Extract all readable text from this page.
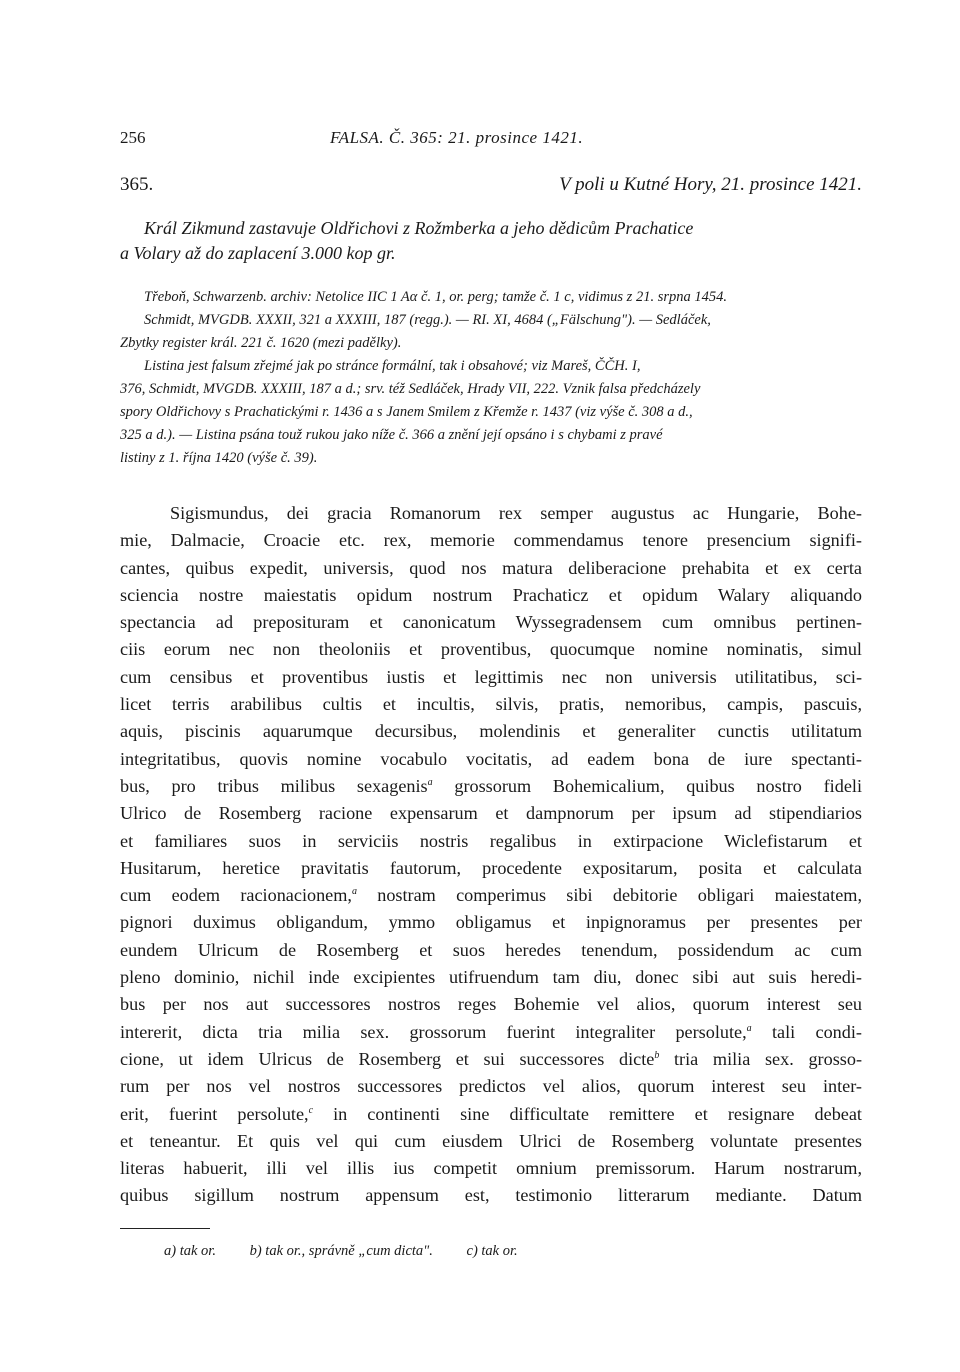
256	FALSA. Č. 365: 21. prosince 1421.
365.	V poli u Kutné Hory, 21. prosince 1421.
Král Zikmund zastavuje Oldřichovi z Rožmberka a jeho dědicům Prachatice
a Volary až do zaplacení 3.000 kop gr.
Třeboň, Schwarzenb. archiv: Netolice IIC 1 Aα č. 1, or. perg; tamže č. 1 c, vidimus z 21. srpna 1454.
Schmidt, MVGDB. XXXII, 321 a XXXIII, 187 (regg.). — RI. XI, 4684 („Fälschung"). — Sedláček,
Zbytky register král. 221 č. 1620 (mezi padělky).
Listina jest falsum zřejmé jak po stránce formální, tak i obsahové; viz Mareš, ČČH. I,
376, Schmidt, MVGDB. XXXIII, 187 a d.; srv. též Sedláček, Hrady VII, 222. Vznik falsa předcházely
spory Oldřichovy s Prachatickými r. 1436 a s Janem Smilem z Křemže r. 1437 (viz výše č. 308 a d.,
325 a d.). — Listina psána touž rukou jako níže č. 366 a znění její opsáno i s chybami z pravé
listiny z 1. října 1420 (výše č. 39).
Sigismundus, dei gracia Romanorum rex semper augustus ac Hungarie, Bohe-
mie, Dalmacie, Croacie etc. rex, memorie commendamus tenore presencium signifi-
cantes, quibus expedit, universis, quod nos matura deliberacione prehabita et ex certa
sciencia nostre maiestatis opidum nostrum Prachaticz et opidum Walary aliquando
spectancia ad preposituram et canonicatum Wyssegradensem cum omnibus pertinen-
ciis eorum nec non theoloniis et proventibus, quocumque nomine nominatis, simul
cum censibus et proventibus iustis et legittimis nec non universis utilitatibus, sci-
licet terris arabilibus cultis et incultis, silvis, pratis, nemoribus, campis, pascuis,
aquis, piscinis aquarumque decursibus, molendinis et generaliter cunctis utilitatum
integritatibus, quovis nomine vocabulo vocitatis, ad eadem bona de iure spectanti-
bus, pro tribus milibus sexagenis$^a$ grossorum Bohemicalium, quibus nostro fideli
Ulrico de Rosemberg racione expensarum et dampnorum per ipsum ad stipendiarios
et familiares suos in serviciis nostris regalibus in extirpacione Wiclefistarum et
Husitarum, heretice pravitatis fautorum, procedente expositarum, posita et calculata
cum eodem racionacionem,$^a$ nostram comperimus sibi debitorie obligari maiestatem,
pignori duximus obligandum, ymmo obligamus et inpignoramus per presentes per
eundem Ulricum de Rosemberg et suos heredes tenendum, possidendum ac cum
pleno dominio, nichil inde excipientes utifruendum tam diu, donec sibi aut suis heredi-
bus per nos aut successores nostros reges Bohemie vel alios, quorum interest seu
intererit, dicta tria milia sex. grossorum fuerint integraliter persolute,$^a$ tali condi-
cione, ut idem Ulricus de Rosemberg et sui successores dicte$^b$ tria milia sex. grosso-
rum per nos vel nostros successores predictos vel alios, quorum interest seu inter-
erit, fuerint persolute,$^c$ in continenti sine difficultate remittere et resignare debeat
et teneantur. Et quis vel qui cum eiusdem Ulrici de Rosemberg voluntate presentes
literas habuerit, illi vel illis ius competit omnium premissorum. Harum nostrarum,
quibus sigillum nostrum appensum est, testimonio litterarum mediante. Datum
a) tak or. b) tak or., správně „cum dicta". c) tak or.
